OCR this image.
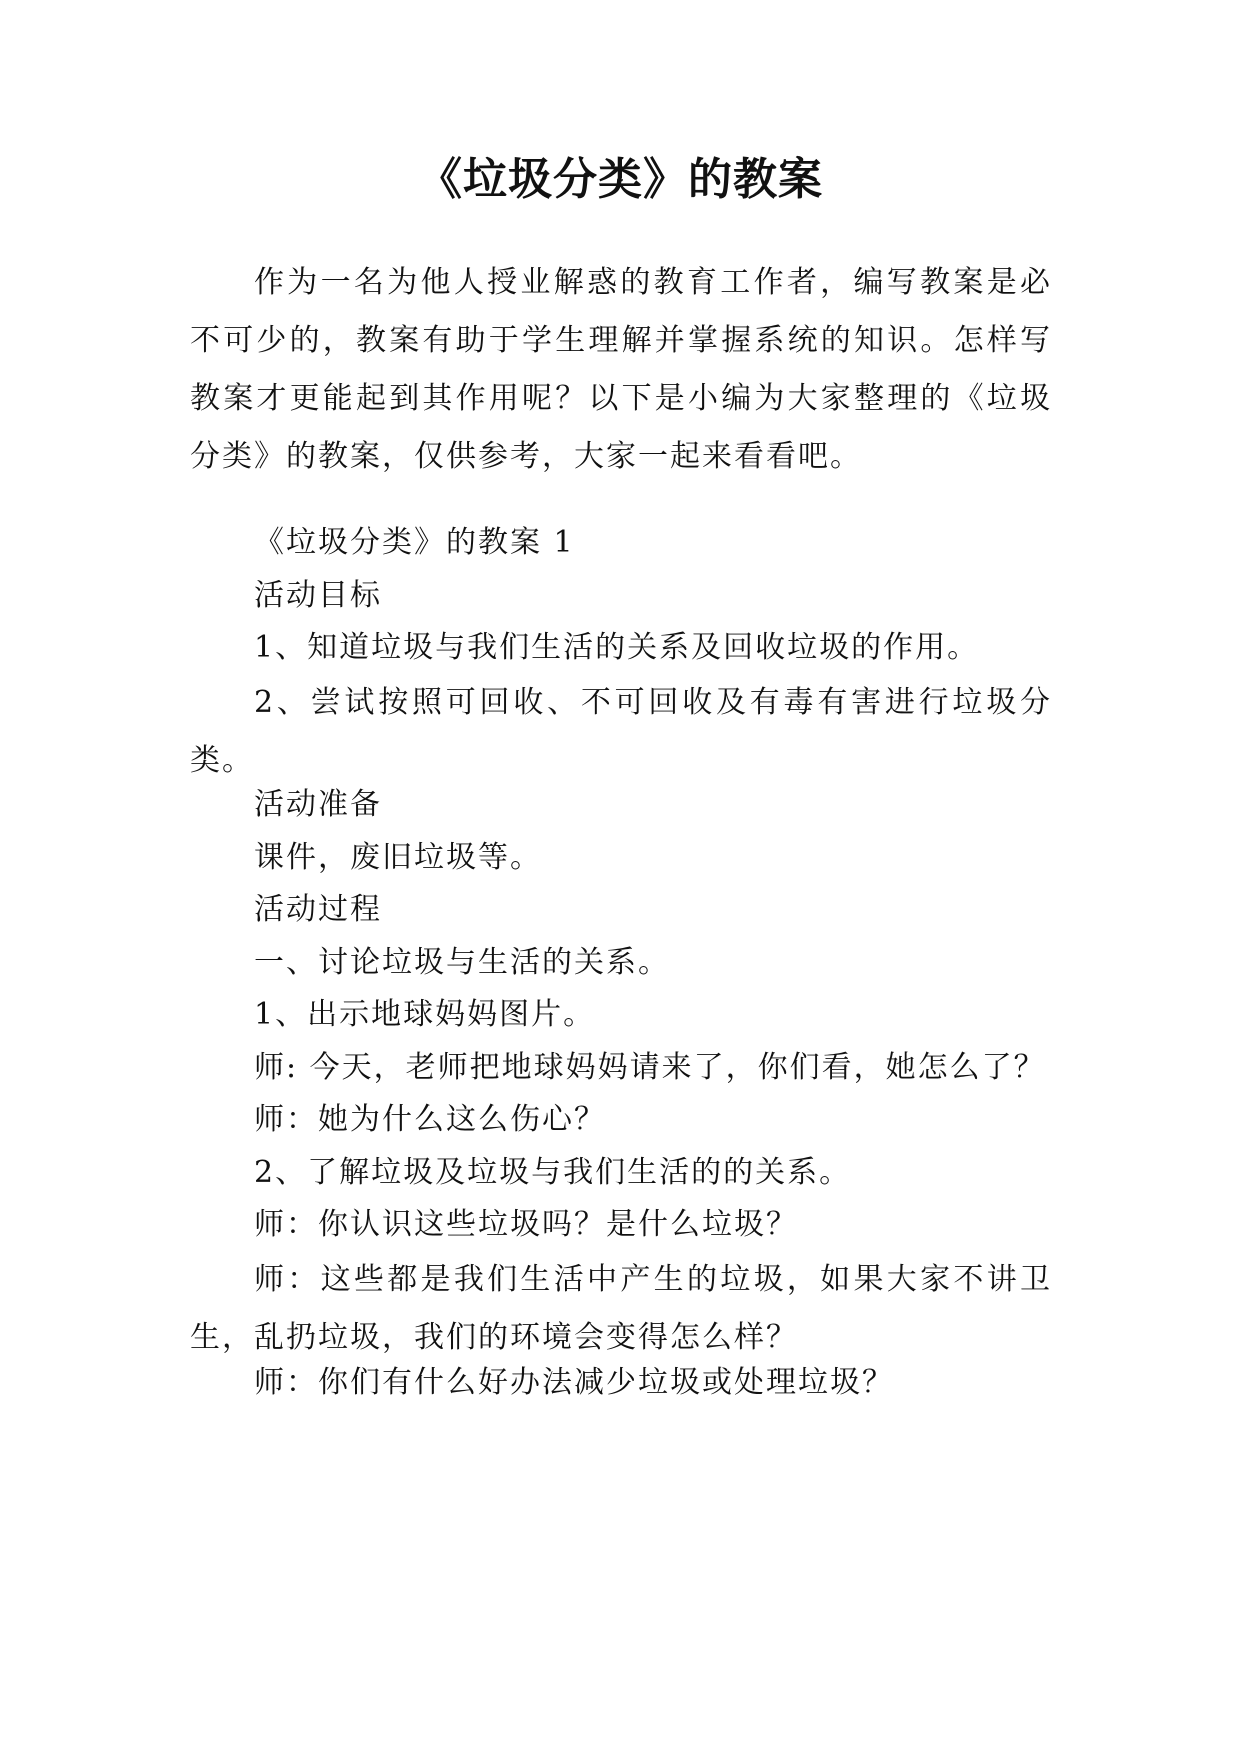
《垃圾分类》的教案

作为一名为他人授业解惑的教育工作者，编写教案是必不可少的，教案有助于学生理解并掌握系统的知识。怎样写教案才更能起到其作用呢？以下是小编为大家整理的《垃圾分类》的教案，仅供参考，大家一起来看看吧。

《垃圾分类》的教案 1

活动目标

1、知道垃圾与我们生活的关系及回收垃圾的作用。

2、尝试按照可回收、不可回收及有毒有害进行垃圾分类。

活动准备

课件，废旧垃圾等。

活动过程

一、讨论垃圾与生活的关系。

1、出示地球妈妈图片。

师: 今天，老师把地球妈妈请来了，你们看，她怎么了？

师：她为什么这么伤心？

2、了解垃圾及垃圾与我们生活的的关系。

师：你认识这些垃圾吗？是什么垃圾？

师：这些都是我们生活中产生的垃圾，如果大家不讲卫生，乱扔垃圾，我们的环境会变得怎么样？

师：你们有什么好办法减少垃圾或处理垃圾？
